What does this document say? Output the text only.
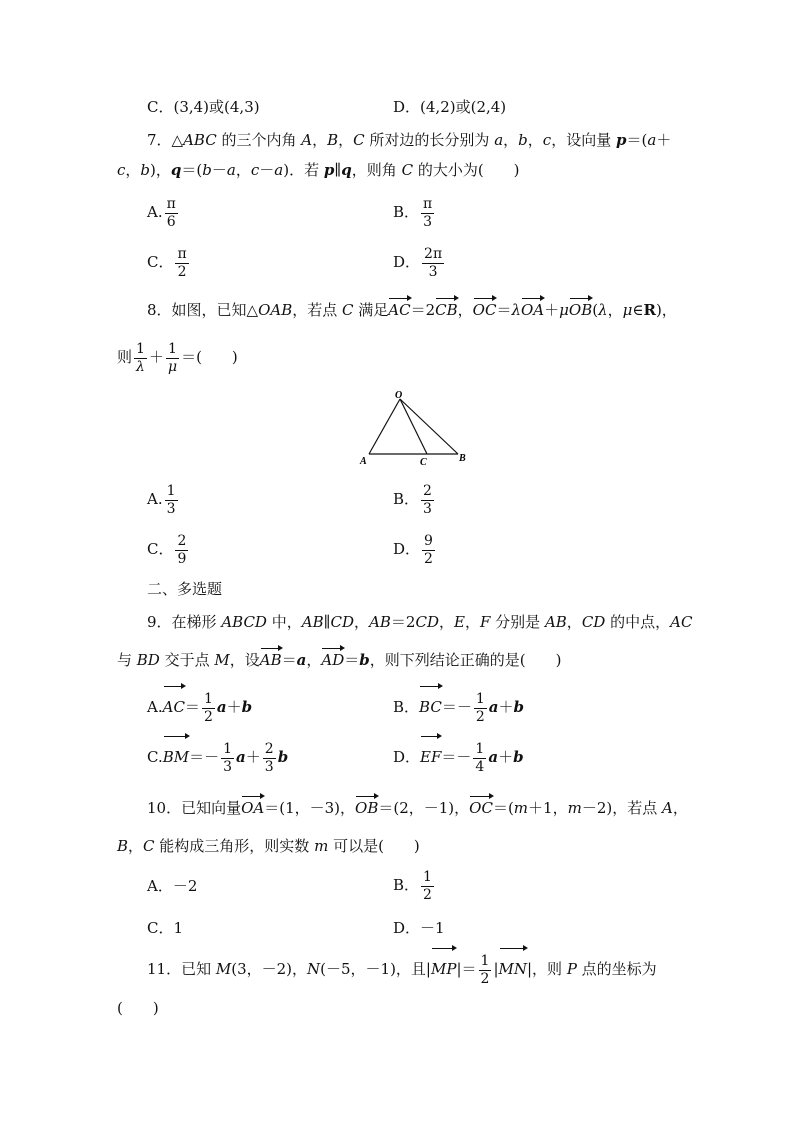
C．(3,4)或(4,3)	D．(4,2)或(2,4)
7．△ABC 的三个内角 A，B，C 所对边的长分别为 a，b，c，设向量 p＝(a＋
c，b)，q＝(b－a，c－a)．若 p∥q，则角 C 的大小为(　　)
A. $\frac{\pi}{6}$	B． $\frac{\pi}{3}$
C． $\frac{\pi}{2}$	D． $\frac{2\pi}{3}$
8．如图，已知△OAB，若点 C 满足AC＝2CB，OC＝λOA＋μOB(λ，μ∈R)，
则 $\frac{1}{\lambda} + \frac{1}{\mu}$ ＝(　　)
O
A	C	B
A. $\frac{1}{3}$	B． $\frac{2}{3}$
C． $\frac{2}{9}$	D． $\frac{9}{2}$
二、多选题
9．在梯形 ABCD 中，AB∥CD，AB＝2CD，E，F 分别是 AB，CD 的中点，AC
与 BD 交于点 M，设AB＝a，AD＝b，则下列结论正确的是(　　)
$A.AC= \frac{1}{2} a+b$	B．$BC=- \frac{1}{2} a+b$
$C.BM=- \frac{1}{3} a+ \frac{2}{3}$ b	D．$EF=- \frac{1}{4} a+b$
10．已知向量OA＝(1，－3)，OB＝(2，－1)，OC＝(m＋1，m－2)，若点 A，
B，C 能构成三角形，则实数 m 可以是(　　)
A．－2	B． $\frac{1}{2}$
C．1	D．－1
11．已知 M(3，－2)，N(－5，－1)，且$|MP|= \frac{1}{2} |MN|$，则 P 点的坐标为
(　　)
